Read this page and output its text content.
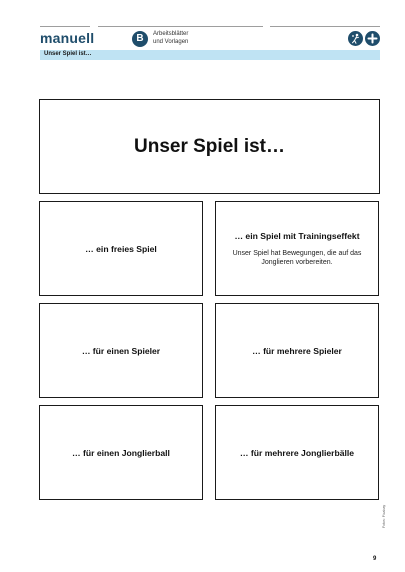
manuell	B	Arbeitsblätter
und Vorlagen
Unser Spiel ist…
Unser Spiel ist…
… ein freies Spiel
… ein Spiel mit Trainingseffekt
Unser Spiel hat Bewegungen, die auf das Jonglieren vorbereiten.
… für einen Spieler	… für mehrere Spieler
… für einen Jonglierball	… für mehrere Jonglierbälle
Fotos: Pixabay
9
